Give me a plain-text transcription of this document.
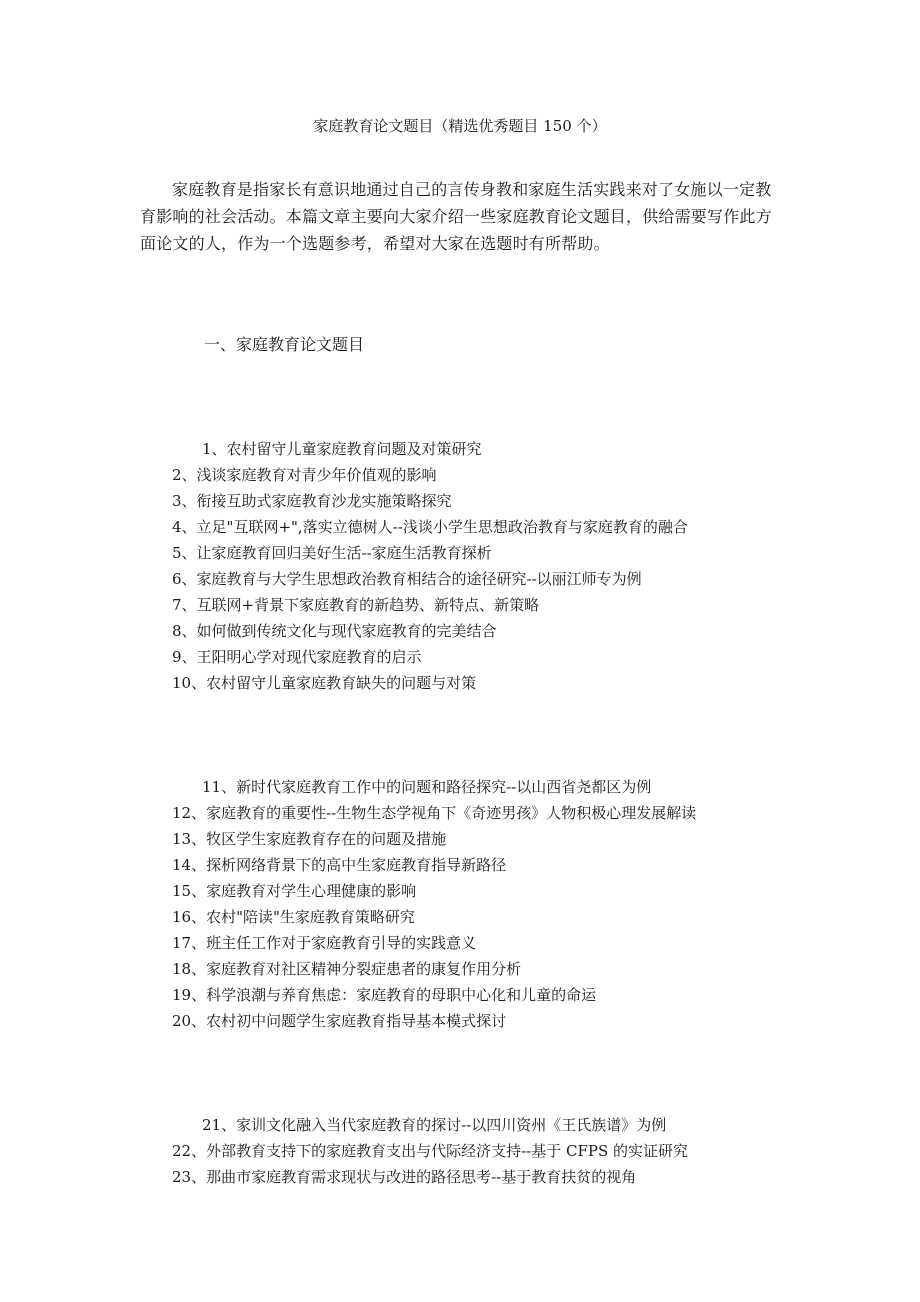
家庭教育论文题目（精选优秀题目 150 个）
家庭教育是指家长有意识地通过自己的言传身教和家庭生活实践来对了女施以一定教育影响的社会活动。本篇文章主要向大家介绍一些家庭教育论文题目，供给需要写作此方面论文的人，作为一个选题参考，希望对大家在选题时有所帮助。
一、家庭教育论文题目
1、农村留守儿童家庭教育问题及对策研究
2、浅谈家庭教育对青少年价值观的影响
3、衔接互助式家庭教育沙龙实施策略探究
4、立足"互联网+",落实立德树人--浅谈小学生思想政治教育与家庭教育的融合
5、让家庭教育回归美好生活--家庭生活教育探析
6、家庭教育与大学生思想政治教育相结合的途径研究--以丽江师专为例
7、互联网+背景下家庭教育的新趋势、新特点、新策略
8、如何做到传统文化与现代家庭教育的完美结合
9、王阳明心学对现代家庭教育的启示
10、农村留守儿童家庭教育缺失的问题与对策
11、新时代家庭教育工作中的问题和路径探究--以山西省尧都区为例
12、家庭教育的重要性--生物生态学视角下《奇迹男孩》人物积极心理发展解读
13、牧区学生家庭教育存在的问题及措施
14、探析网络背景下的高中生家庭教育指导新路径
15、家庭教育对学生心理健康的影响
16、农村"陪读"生家庭教育策略研究
17、班主任工作对于家庭教育引导的实践意义
18、家庭教育对社区精神分裂症患者的康复作用分析
19、科学浪潮与养育焦虑：家庭教育的母职中心化和儿童的命运
20、农村初中问题学生家庭教育指导基本模式探讨
21、家训文化融入当代家庭教育的探讨--以四川资州《王氏族谱》为例
22、外部教育支持下的家庭教育支出与代际经济支持--基于 CFPS 的实证研究
23、那曲市家庭教育需求现状与改进的路径思考--基于教育扶贫的视角
